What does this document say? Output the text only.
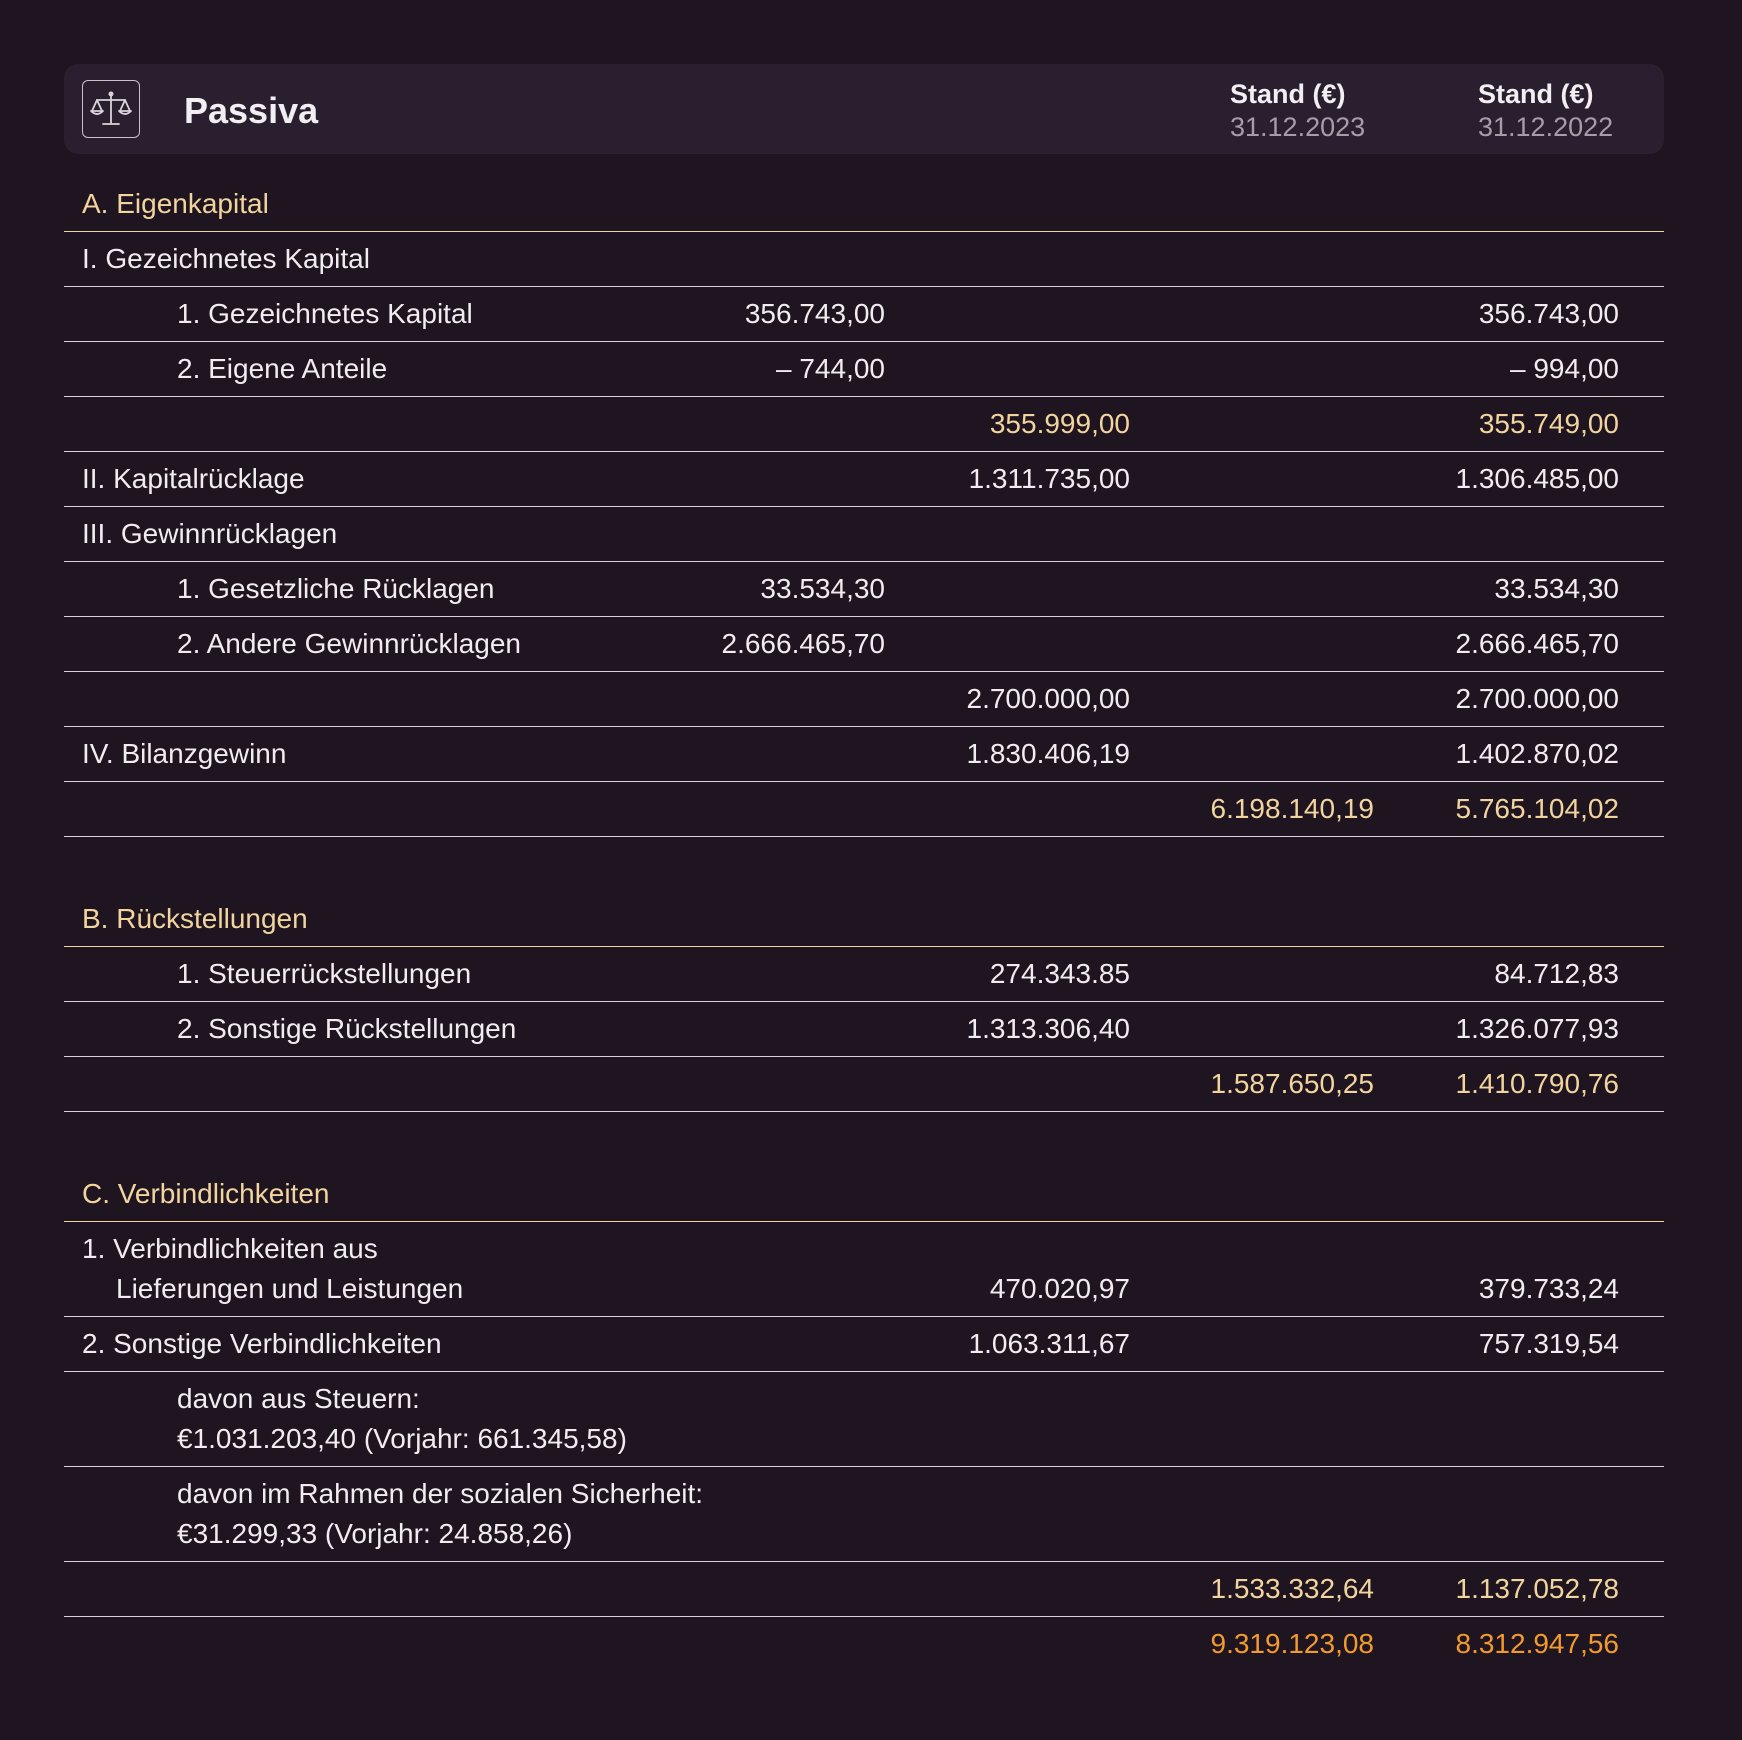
Passiva	Stand (€)
31.12.2023
Stand (€)
31.12.2022
A. Eigenkapital
I. Gezeichnetes Kapital
1. Gezeichnetes Kapital	356.743,00	356.743,00
2. Eigene Anteile	– 744,00	– 994,00
355.999,00	355.749,00
II. Kapitalrücklage	1.311.735,00	1.306.485,00
III. Gewinnrücklagen
1. Gesetzliche Rücklagen	33.534,30	33.534,30
2. Andere Gewinnrücklagen	2.666.465,70	2.666.465,70
2.700.000,00	2.700.000,00
IV. Bilanzgewinn	1.830.406,19	1.402.870,02
6.198.140,19	5.765.104,02
B. Rückstellungen
1. Steuerrückstellungen	274.343.85	84.712,83
2. Sonstige Rückstellungen	1.313.306,40	1.326.077,93
1.587.650,25	1.410.790,76
C. Verbindlichkeiten
1. Verbindlichkeiten aus
Lieferungen und Leistungen	470.020,97	379.733,24
2. Sonstige Verbindlichkeiten	1.063.311,67	757.319,54
davon aus Steuern:
€1.031.203,40 (Vorjahr: 661.345,58)
davon im Rahmen der sozialen Sicherheit:
€31.299,33 (Vorjahr: 24.858,26)
1.533.332,64	1.137.052,78
9.319.123,08	8.312.947,56
